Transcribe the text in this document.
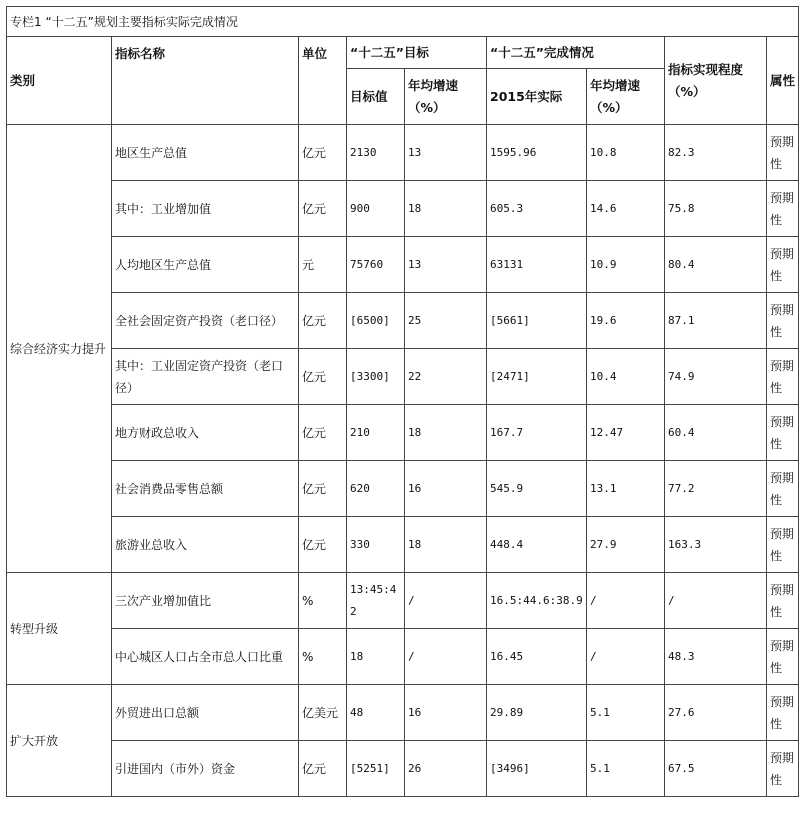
专栏1 “十二五”规划主要指标实际完成情况								
类别	指标名称	单位	“十二五”目标		“十二五”完成情况		指标实现程度（%）	属性
			目标值	年均增速（%）	2015年实际	年均增速（%）		
综合经济实力提升	地区生产总值	亿元	2130	13	1595.96	10.8	82.3	预期性
	其中：工业增加值	亿元	900	18	605.3	14.6	75.8	预期性
	人均地区生产总值	元	75760	13	63131	10.9	80.4	预期性
	全社会固定资产投资（老口径）	亿元	[6500]	25	[5661]	19.6	87.1	预期性
	其中：工业固定资产投资（老口径）	亿元	[3300]	22	[2471]	10.4	74.9	预期性
	地方财政总收入	亿元	210	18	167.7	12.47	60.4	预期性
	社会消费品零售总额	亿元	620	16	545.9	13.1	77.2	预期性
	旅游业总收入	亿元	330	18	448.4	27.9	163.3	预期性
转型升级	三次产业增加值比	%	13:45:42	/	16.5:44.6:38.9	/	/	预期性
	中心城区人口占全市总人口比重	%	18	/	16.45	/	48.3	预期性
扩大开放	外贸进出口总额	亿美元	48	16	29.89	5.1	27.6	预期性
	引进国内（市外）资金	亿元	[5251]	26	[3496]	5.1	67.5	预期性
